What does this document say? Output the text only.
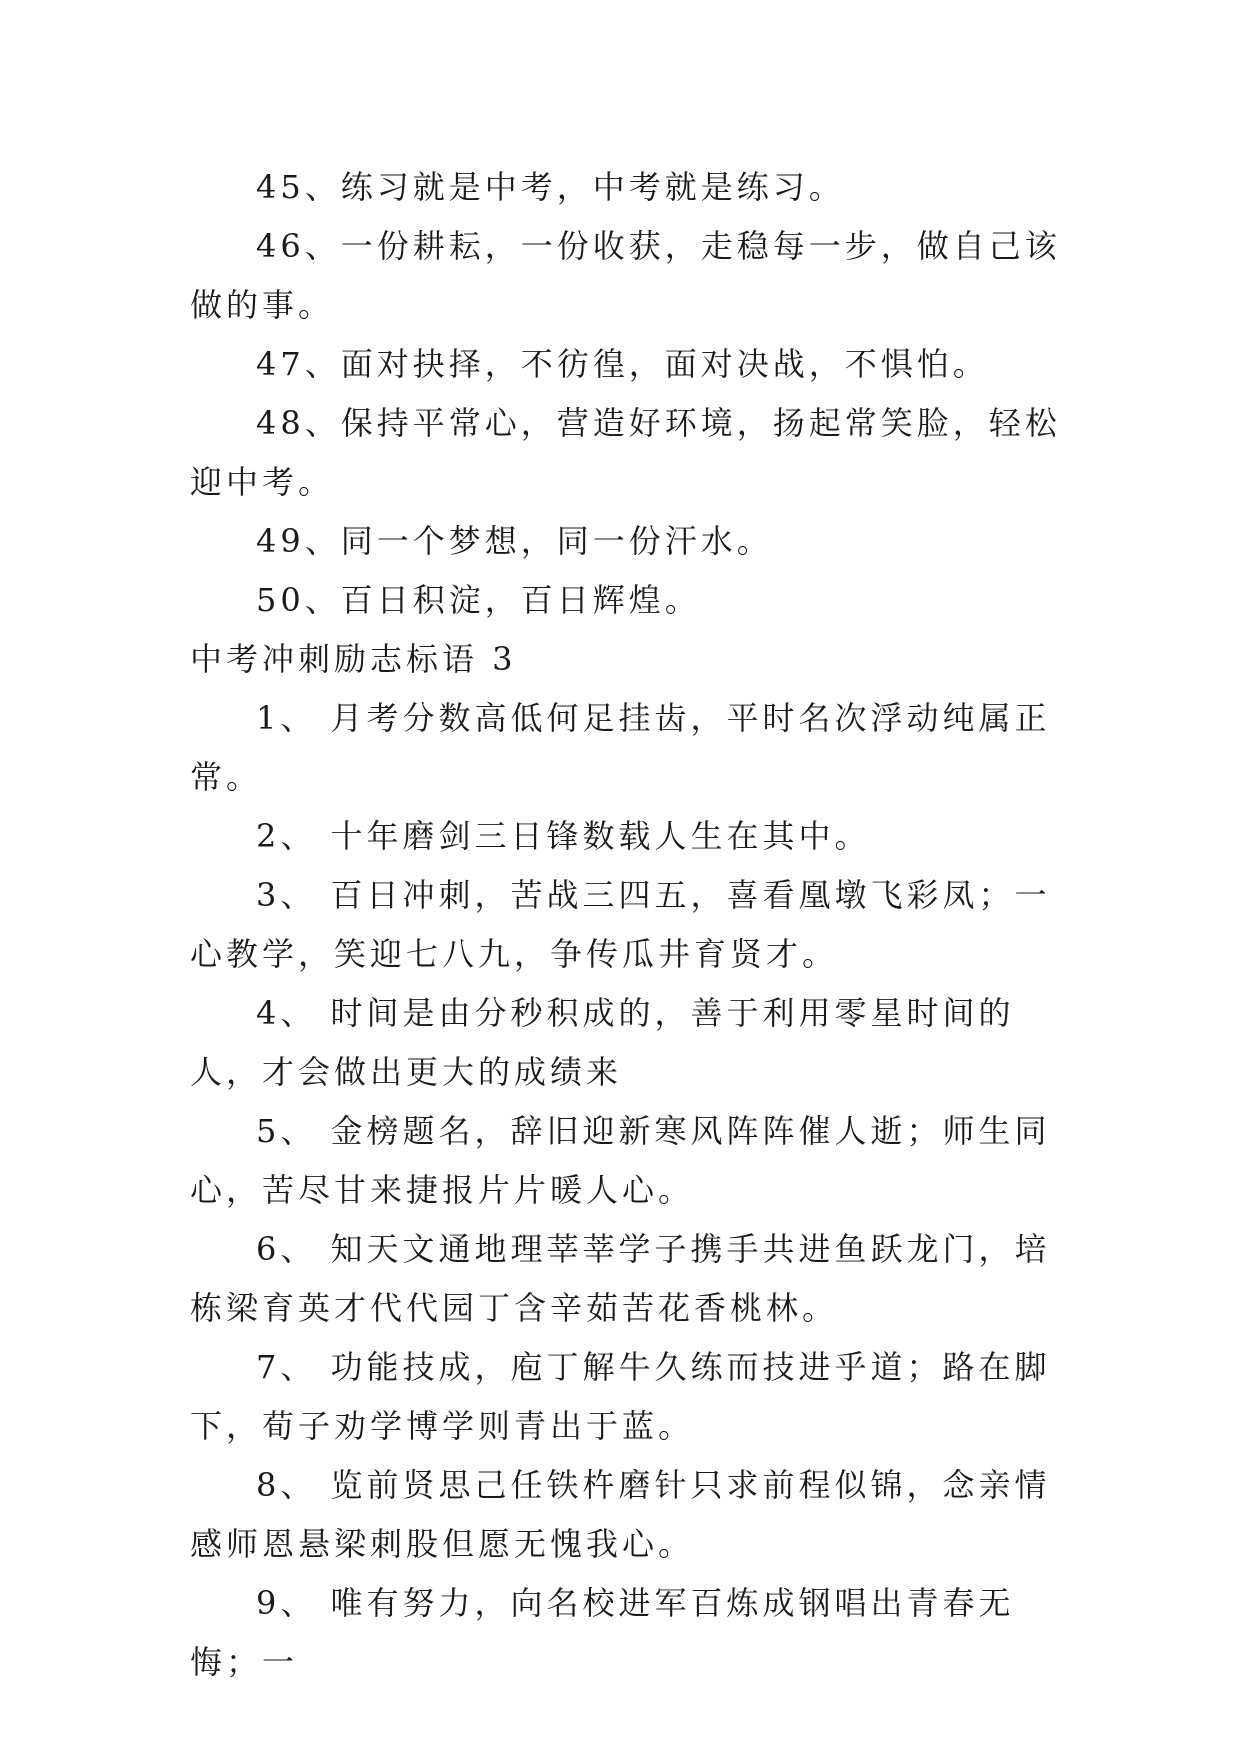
45、练习就是中考，中考就是练习。

46、一份耕耘，一份收获，走稳每一步，做自己该做的事。

47、面对抉择，不彷徨，面对决战，不惧怕。

48、保持平常心，营造好环境，扬起常笑脸，轻松迎中考。

49、同一个梦想，同一份汗水。

50、百日积淀，百日辉煌。

中考冲刺励志标语 3

1、 月考分数高低何足挂齿，平时名次浮动纯属正常。

2、 十年磨剑三日锋数载人生在其中。

3、 百日冲刺，苦战三四五，喜看凰墩飞彩凤；一心教学，笑迎七八九，争传瓜井育贤才。

4、 时间是由分秒积成的，善于利用零星时间的人，才会做出更大的成绩来

5、 金榜题名，辞旧迎新寒风阵阵催人逝；师生同心，苦尽甘来捷报片片暖人心。

6、 知天文通地理莘莘学子携手共进鱼跃龙门，培栋梁育英才代代园丁含辛茹苦花香桃林。

7、 功能技成，庖丁解牛久练而技进乎道；路在脚下，荀子劝学博学则青出于蓝。

8、 览前贤思己任铁杵磨针只求前程似锦，念亲情感师恩悬梁刺股但愿无愧我心。

9、 唯有努力，向名校进军百炼成钢唱出青春无悔；一
